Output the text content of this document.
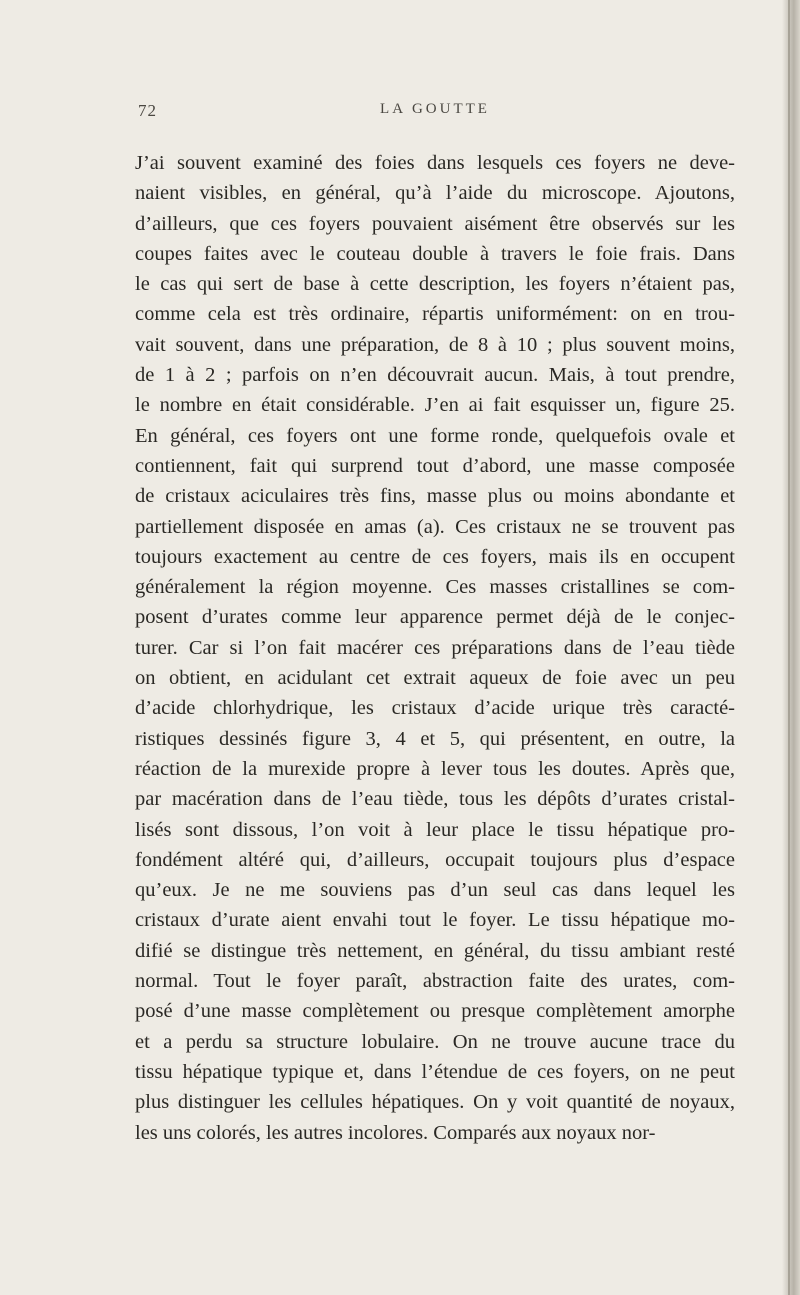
72	LA GOUTTE
J’ai souvent examiné des foies dans lesquels ces foyers ne deve-
naient visibles, en général, qu’à l’aide du microscope. Ajoutons,
d’ailleurs, que ces foyers pouvaient aisément être observés sur les
coupes faites avec le couteau double à travers le foie frais. Dans
le cas qui sert de base à cette description, les foyers n’étaient pas,
comme cela est très ordinaire, répartis uniformément: on en trou-
vait souvent, dans une préparation, de 8 à 10 ; plus souvent moins,
de 1 à 2 ; parfois on n’en découvrait aucun. Mais, à tout prendre,
le nombre en était considérable. J’en ai fait esquisser un, figure 25.
En général, ces foyers ont une forme ronde, quelquefois ovale et
contiennent, fait qui surprend tout d’abord, une masse composée
de cristaux aciculaires très fins, masse plus ou moins abondante et
partiellement disposée en amas (a). Ces cristaux ne se trouvent pas
toujours exactement au centre de ces foyers, mais ils en occupent
généralement la région moyenne. Ces masses cristallines se com-
posent d’urates comme leur apparence permet déjà de le conjec-
turer. Car si l’on fait macérer ces préparations dans de l’eau tiède
on obtient, en acidulant cet extrait aqueux de foie avec un peu
d’acide chlorhydrique, les cristaux d’acide urique très caracté-
ristiques dessinés figure 3, 4 et 5, qui présentent, en outre, la
réaction de la murexide propre à lever tous les doutes. Après que,
par macération dans de l’eau tiède, tous les dépôts d’urates cristal-
lisés sont dissous, l’on voit à leur place le tissu hépatique pro-
fondément altéré qui, d’ailleurs, occupait toujours plus d’espace
qu’eux. Je ne me souviens pas d’un seul cas dans lequel les
cristaux d’urate aient envahi tout le foyer. Le tissu hépatique mo-
difié se distingue très nettement, en général, du tissu ambiant resté
normal. Tout le foyer paraît, abstraction faite des urates, com-
posé d’une masse complètement ou presque complètement amorphe
et a perdu sa structure lobulaire. On ne trouve aucune trace du
tissu hépatique typique et, dans l’étendue de ces foyers, on ne peut
plus distinguer les cellules hépatiques. On y voit quantité de noyaux,
les uns colorés, les autres incolores. Comparés aux noyaux nor-
